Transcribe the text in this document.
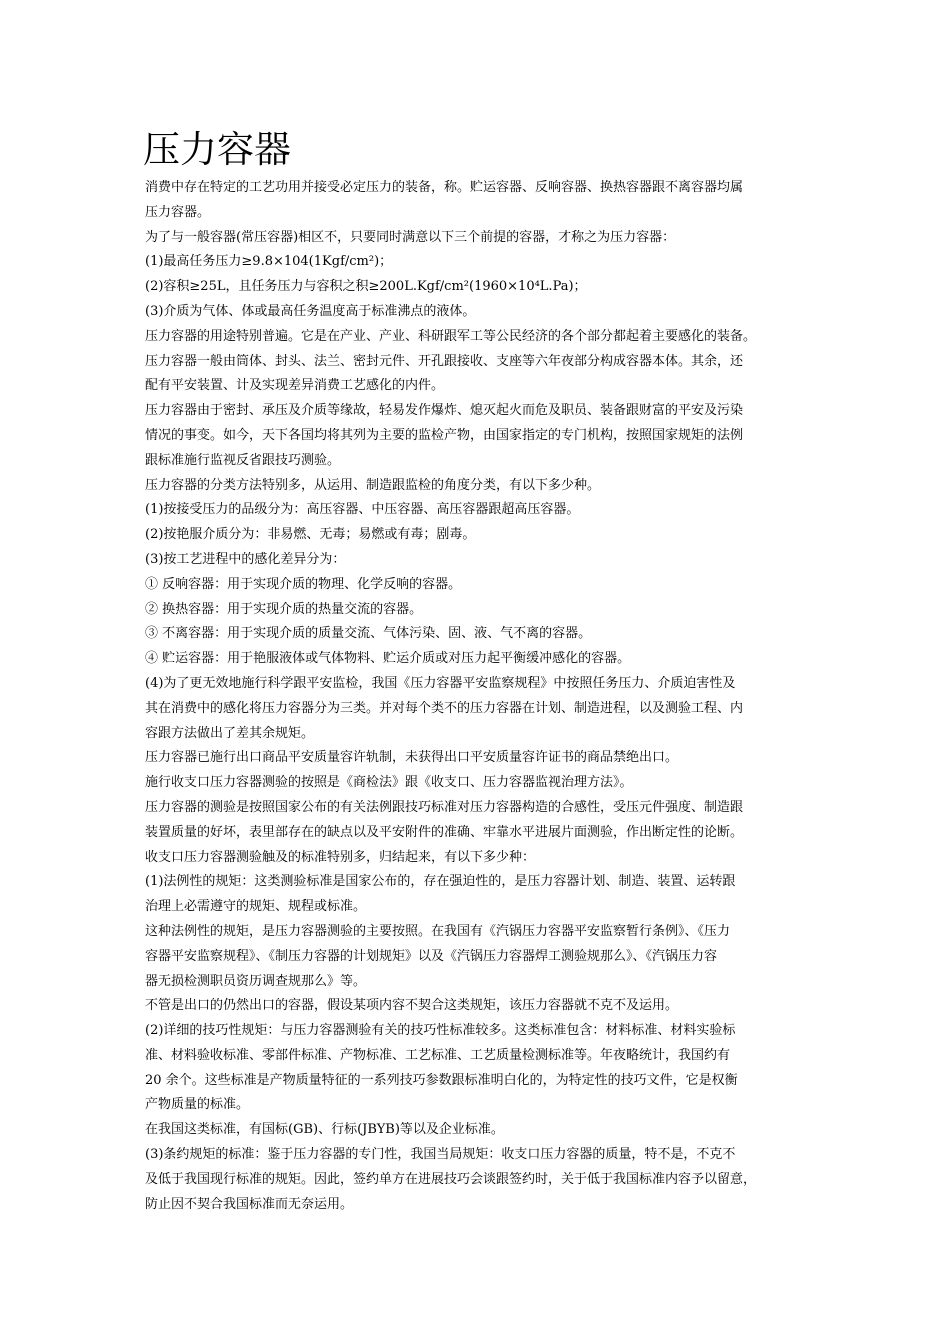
压力容器
消费中存在特定的工艺功用并接受必定压力的装备，称。贮运容器、反响容器、换热容器跟不离容器均属
压力容器。
为了与一般容器(常压容器)相区不，只要同时满意以下三个前提的容器，才称之为压力容器：
(1)最高任务压力≥9.8×104(1Kgf/cm²)；
(2)容积≥25L，且任务压力与容积之积≥200L.Kgf/cm²(1960×10⁴L.Pa)；
(3)介质为气体、体或最高任务温度高于标准沸点的液体。
压力容器的用途特别普遍。它是在产业、产业、科研跟军工等公民经济的各个部分都起着主要感化的装备。
压力容器一般由筒体、封头、法兰、密封元件、开孔跟接收、支座等六年夜部分构成容器本体。其余，还
配有平安装置、计及实现差异消费工艺感化的内件。
压力容器由于密封、承压及介质等缘故，轻易发作爆炸、熄灭起火而危及职员、装备跟财富的平安及污染
情况的事变。如今，天下各国均将其列为主要的监检产物，由国家指定的专门机构，按照国家规矩的法例
跟标准施行监视反省跟技巧测验。
压力容器的分类方法特别多，从运用、制造跟监检的角度分类，有以下多少种。
(1)按接受压力的品级分为：高压容器、中压容器、高压容器跟超高压容器。
(2)按艳服介质分为：非易燃、无毒；易燃或有毒；剧毒。
(3)按工艺进程中的感化差异分为：
① 反响容器：用于实现介质的物理、化学反响的容器。
② 换热容器：用于实现介质的热量交流的容器。
③ 不离容器：用于实现介质的质量交流、气体污染、固、液、气不离的容器。
④ 贮运容器：用于艳服液体或气体物料、贮运介质或对压力起平衡缓冲感化的容器。
(4)为了更无效地施行科学跟平安监检，我国《压力容器平安监察规程》中按照任务压力、介质迫害性及
其在消费中的感化将压力容器分为三类。并对每个类不的压力容器在计划、制造进程，以及测验工程、内
容跟方法做出了差其余规矩。
压力容器已施行出口商品平安质量容许轨制，未获得出口平安质量容许证书的商品禁绝出口。
施行收支口压力容器测验的按照是《商检法》跟《收支口、压力容器监视治理方法》。
压力容器的测验是按照国家公布的有关法例跟技巧标准对压力容器构造的合感性，受压元件强度、制造跟
装置质量的好坏，表里部存在的缺点以及平安附件的准确、牢靠水平进展片面测验，作出断定性的论断。
收支口压力容器测验触及的标准特别多，归结起来，有以下多少种：
(1)法例性的规矩：这类测验标准是国家公布的，存在强迫性的，是压力容器计划、制造、装置、运转跟
治理上必需遵守的规矩、规程或标准。
这种法例性的规矩，是压力容器测验的主要按照。在我国有《汽锅压力容器平安监察暂行条例》、《压力
容器平安监察规程》、《制压力容器的计划规矩》以及《汽锅压力容器焊工测验规那么》、《汽锅压力容
器无损检测职员资历调查规那么》等。
不管是出口的仍然出口的容器，假设某项内容不契合这类规矩，该压力容器就不克不及运用。
(2)详细的技巧性规矩：与压力容器测验有关的技巧性标准较多。这类标准包含：材料标准、材料实验标
准、材料验收标准、零部件标准、产物标准、工艺标准、工艺质量检测标准等。年夜略统计，我国约有
20 余个。这些标准是产物质量特征的一系列技巧参数跟标准明白化的，为特定性的技巧文件，它是权衡
产物质量的标准。
在我国这类标准，有国标(GB)、行标(JBYB)等以及企业标准。
(3)条约规矩的标准：鉴于压力容器的专门性，我国当局规矩：收支口压力容器的质量，特不是，不克不
及低于我国现行标准的规矩。因此，签约单方在进展技巧会谈跟签约时，关于低于我国标准内容予以留意，
防止因不契合我国标准而无奈运用。
